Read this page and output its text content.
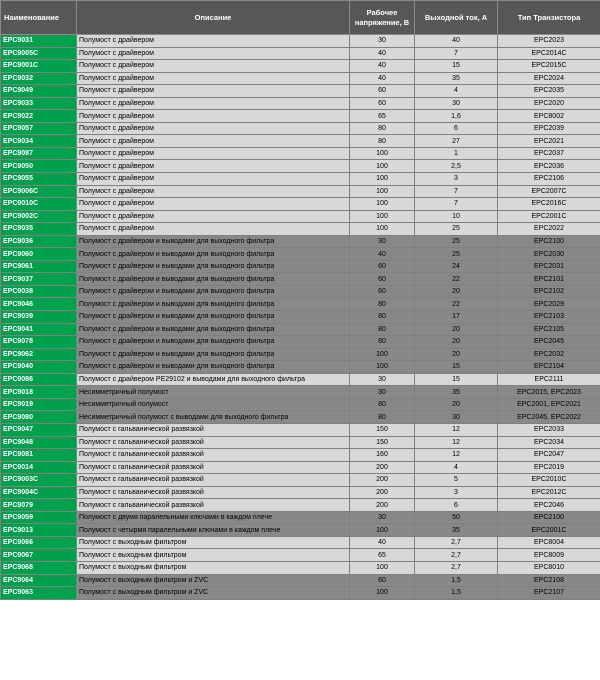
Наименование	Описание	Рабочее напряжение, В	Выходной ток, А	Тип Транзистора
EPC9031	Полумост с драйвером	30	40	EPC2023
EPC9005C	Полумост с драйвером	40	7	EPC2014C
EPC9001C	Полумост с драйвером	40	15	EPC2015C
EPC9032	Полумост с драйвером	40	35	EPC2024
EPC9049	Полумост с драйвером	60	4	EPC2035
EPC9033	Полумост с драйвером	60	30	EPC2020
EPC9022	Полумост с драйвером	65	1,6	EPC8002
EPC9057	Полумост с драйвером	80	6	EPC2039
EPC9034	Полумост с драйвером	80	27	EPC2021
EPC9087	Полумост с драйвером	100	1	EPC2037
EPC9050	Полумост с драйвером	100	2,5	EPC2036
EPC9055	Полумост с драйвером	100	3	EPC2106
EPC9006C	Полумост с драйвером	100	7	EPC2007C
EPC9010C	Полумост с драйвером	100	7	EPC2016C
EPC9002C	Полумост с драйвером	100	10	EPC2001C
EPC9035	Полумост с драйвером	100	25	EPC2022
EPC9036	Полумост с драйвером и выводами для выходного фильтра	30	25	EPC2100
EPC9060	Полумост с драйвером и выводами для выходного фильтра	40	25	EPC2030
EPC9061	Полумост с драйвером и выводами для выходного фильтра	60	24	EPC2031
EPC9037	Полумост с драйвером и выводами для выходного фильтра	60	22	EPC2101
EPC9038	Полумост с драйвером и выводами для выходного фильтра	60	20	EPC2102
EPC9046	Полумост с драйвером и выводами для выходного фильтра	80	22	EPC2029
EPC9039	Полумост с драйвером и выводами для выходного фильтра	80	17	EPC2103
EPC9041	Полумост с драйвером и выводами для выходного фильтра	80	20	EPC2105
EPC9078	Полумост с драйвером и выводами для выходного фильтра	80	20	EPC2045
EPC9062	Полумост с драйвером и выводами для выходного фильтра	100	20	EPC2032
EPC9040	Полумост с драйвером и выводами для выходного фильтра	100	15	EPC2104
EPC9086	Полумост с драйвером PE29102 и выводами для выходного фильтра	30	15	EPC2111
EPC9018	Несимметричный полумост	30	35	EPC2015, EPC2023
EPC9019	Несимметричный полумост	80	20	EPC2001, EPC2021
EPC9080	Несимметричный полумост с выводами для выходного фильтра	80	30	EPC2045, EPC2022
EPC9047	Полумост с гальванической развязкой	150	12	EPC2033
EPC9048	Полумост с гальванической развязкой	150	12	EPC2034
EPC9081	Полумост с гальванической развязкой	160	12	EPC2047
EPC9014	Полумост с гальванической развязкой	200	4	EPC2019
EPC9003C	Полумост с гальванической развязкой	200	5	EPC2010C
EPC9004C	Полумост с гальванической развязкой	200	3	EPC2012C
EPC9079	Полумост с гальванической развязкой	200	6	EPC2046
EPC9059	Полумост с двумя паралельными ключами в каждом плече	30	50	EPC2100
EPC9013	Полумост с четырмя паралельными ключами в каждом плече	100	35	EPC2001C
EPC9066	Полумост с выходным фильтром	40	2,7	EPC8004
EPC9067	Полумост с выходным фильтром	65	2,7	EPC8009
EPC9068	Полумост с выходным фильтром	100	2,7	EPC8010
EPC9064	Полумост с выходным фильтром и ZVC	60	1,5	EPC2108
EPC9063	Полумост с выходным фильтром и ZVC	100	1,5	EPC2107
